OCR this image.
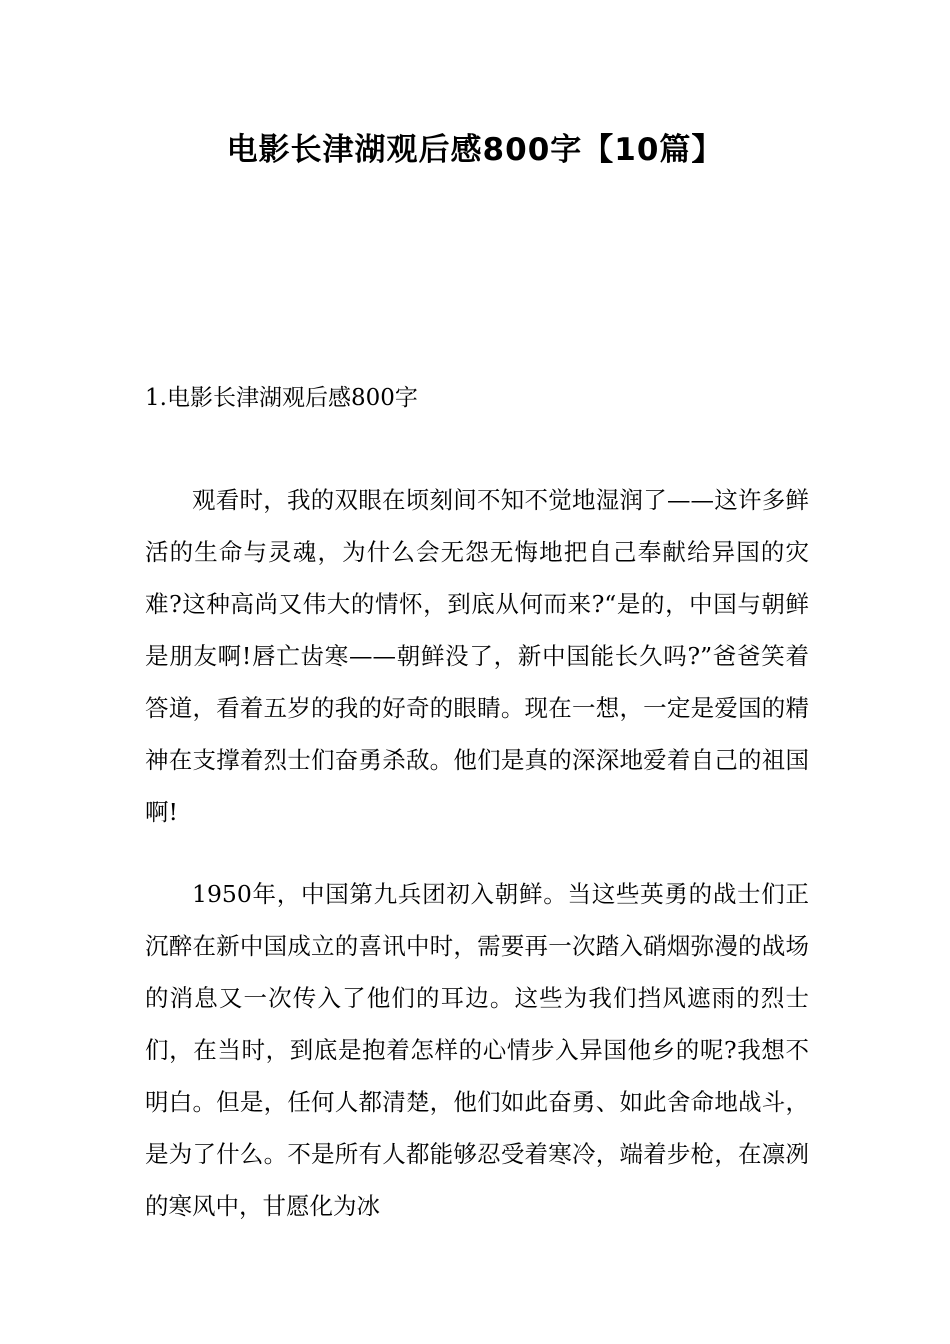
电影长津湖观后感800字【10篇】
1.电影长津湖观后感800字

观看时，我的双眼在顷刻间不知不觉地湿润了——这许多鲜活的生命与灵魂，为什么会无怨无悔地把自己奉献给异国的灾难?这种高尚又伟大的情怀，到底从何而来?“是的，中国与朝鲜是朋友啊!唇亡齿寒——朝鲜没了，新中国能长久吗?”爸爸笑着答道，看着五岁的我的好奇的眼睛。现在一想，一定是爱国的精神在支撑着烈士们奋勇杀敌。他们是真的深深地爱着自己的祖国啊!

1950年，中国第九兵团初入朝鲜。当这些英勇的战士们正沉醉在新中国成立的喜讯中时，需要再一次踏入硝烟弥漫的战场的消息又一次传入了他们的耳边。这些为我们挡风遮雨的烈士们，在当时，到底是抱着怎样的心情步入异国他乡的呢?我想不明白。但是，任何人都清楚，他们如此奋勇、如此舍命地战斗，是为了什么。不是所有人都能够忍受着寒冷，端着步枪，在凛冽的寒风中，甘愿化为冰
